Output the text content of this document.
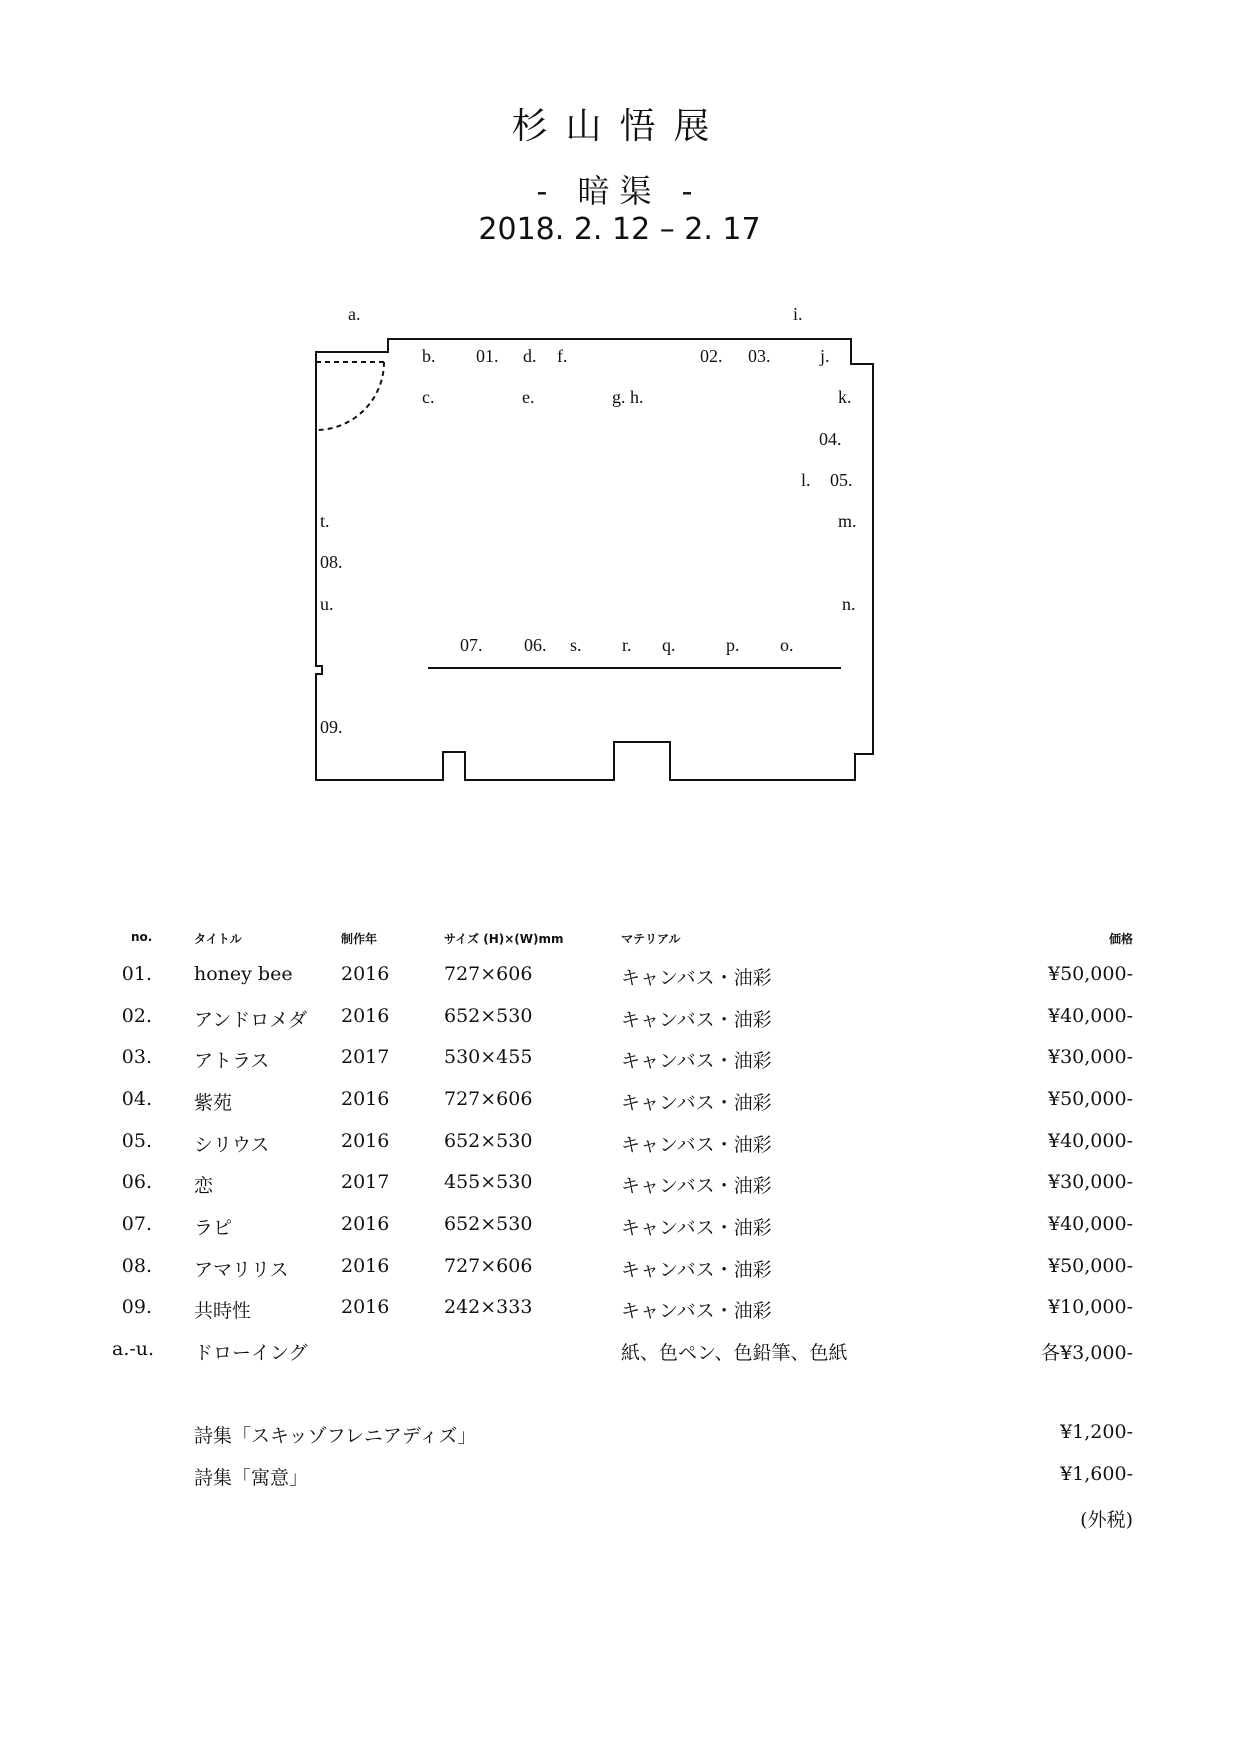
杉山悟展
- 暗渠 -
2018. 2. 12 – 2. 17
a.	i.
b. 01. d. f.	02. 03.	j.
c.	e.	g. h.	k.
04.
l. 05.
t.	m.
08.
u.	n.
07. 06. s. r. q.	p. o.
09.
no.	タイトル	制作年	サイズ (H)×(W)mm	マテリアル	価格
01. honey bee	2016	727×606	キャンバス・油彩	¥50,000-
02. アンドロメダ 2016	652×530	キャンバス・油彩	¥40,000-
03. アトラス	2017	530×455	キャンバス・油彩	¥30,000-
04. 紫苑	2016	727×606	キャンバス・油彩	¥50,000-
05. シリウス	2016	652×530	キャンバス・油彩	¥40,000-
06. 恋	2017	455×530	キャンバス・油彩	¥30,000-
07. ラピ	2016	652×530	キャンバス・油彩	¥40,000-
08. アマリリス	2016	727×606	キャンバス・油彩	¥50,000-
09. 共時性	2016	242×333	キャンバス・油彩	¥10,000-
a.-u. ドローイング	紙、色ペン、色鉛筆、色紙	各¥3,000-
詩集「スキッゾフレニアディズ」	¥1,200-
詩集「寓意」	¥1,600-
(外税)
